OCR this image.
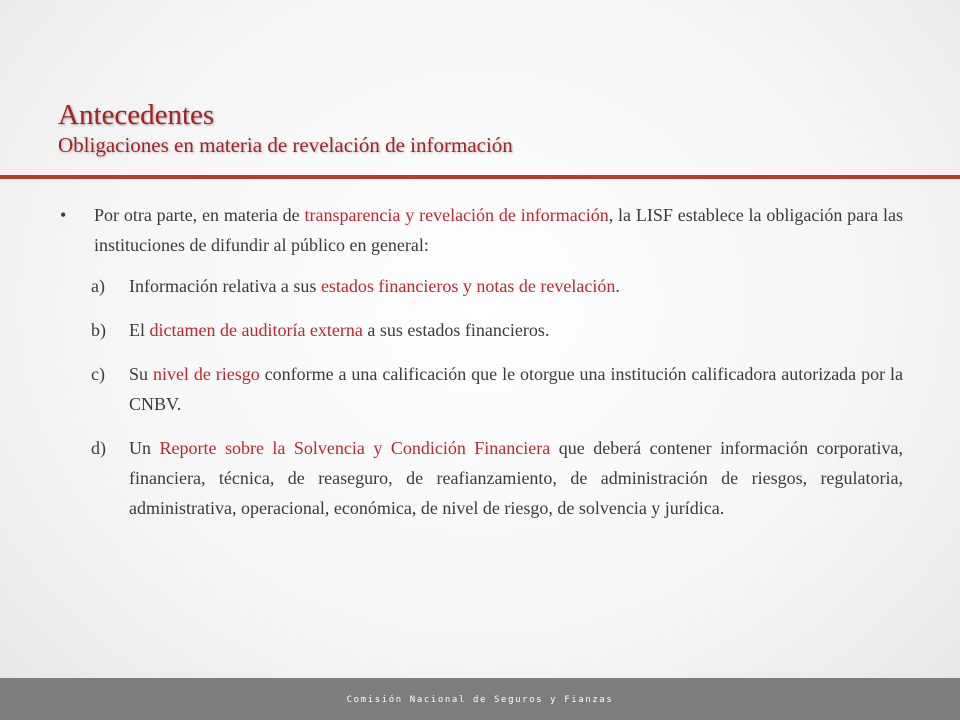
Antecedentes
Obligaciones en materia de revelación de información
• Por otra parte, en materia de transparencia y revelación de información, la LISF establece la obligación para las instituciones de difundir al público en general:
a) Información relativa a sus estados financieros y notas de revelación.
b) El dictamen de auditoría externa a sus estados financieros.
c) Su nivel de riesgo conforme a una calificación que le otorgue una institución calificadora autorizada por la CNBV.
d) Un Reporte sobre la Solvencia y Condición Financiera que deberá contener información corporativa, financiera, técnica, de reaseguro, de reafianzamiento, de administración de riesgos, regulatoria, administrativa, operacional, económica, de nivel de riesgo, de solvencia y jurídica.
Comisión Nacional de Seguros y Fianzas
